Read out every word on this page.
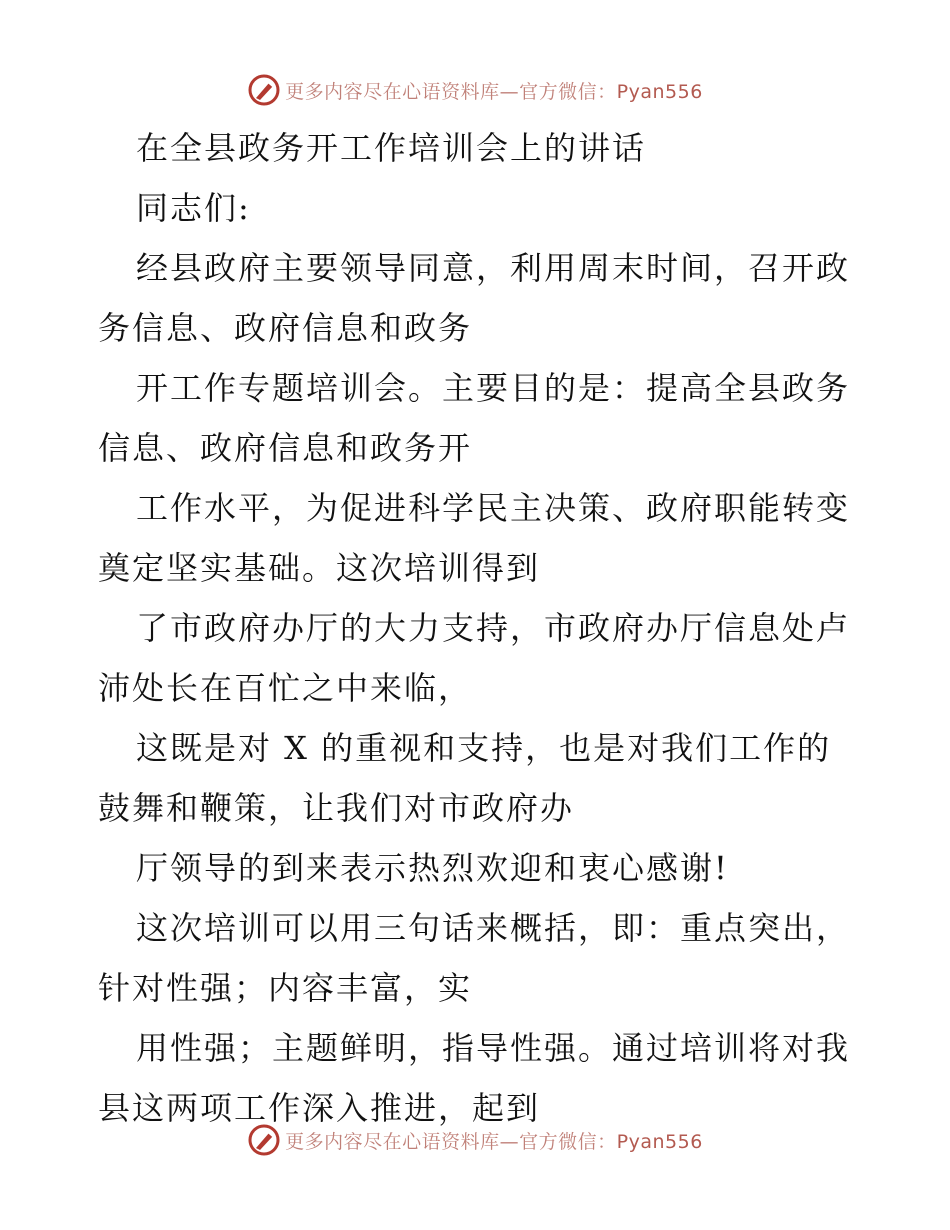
更多内容尽在心语资料库—官方微信：Pyan556
在全县政务开工作培训会上的讲话
同志们:
经县政府主要领导同意，利用周末时间，召开政
务信息、政府信息和政务
开工作专题培训会。主要目的是：提高全县政务
信息、政府信息和政务开
工作水平，为促进科学民主决策、政府职能转变
奠定坚实基础。这次培训得到
了市政府办厅的大力支持，市政府办厅信息处卢
沛处长在百忙之中来临，
这既是对 X 的重视和支持，也是对我们工作的
鼓舞和鞭策，让我们对市政府办
厅领导的到来表示热烈欢迎和衷心感谢!
这次培训可以用三句话来概括，即：重点突出，
针对性强；内容丰富，实
用性强；主题鲜明，指导性强。通过培训将对我
县这两项工作深入推进，起到
更多内容尽在心语资料库—官方微信：Pyan556
